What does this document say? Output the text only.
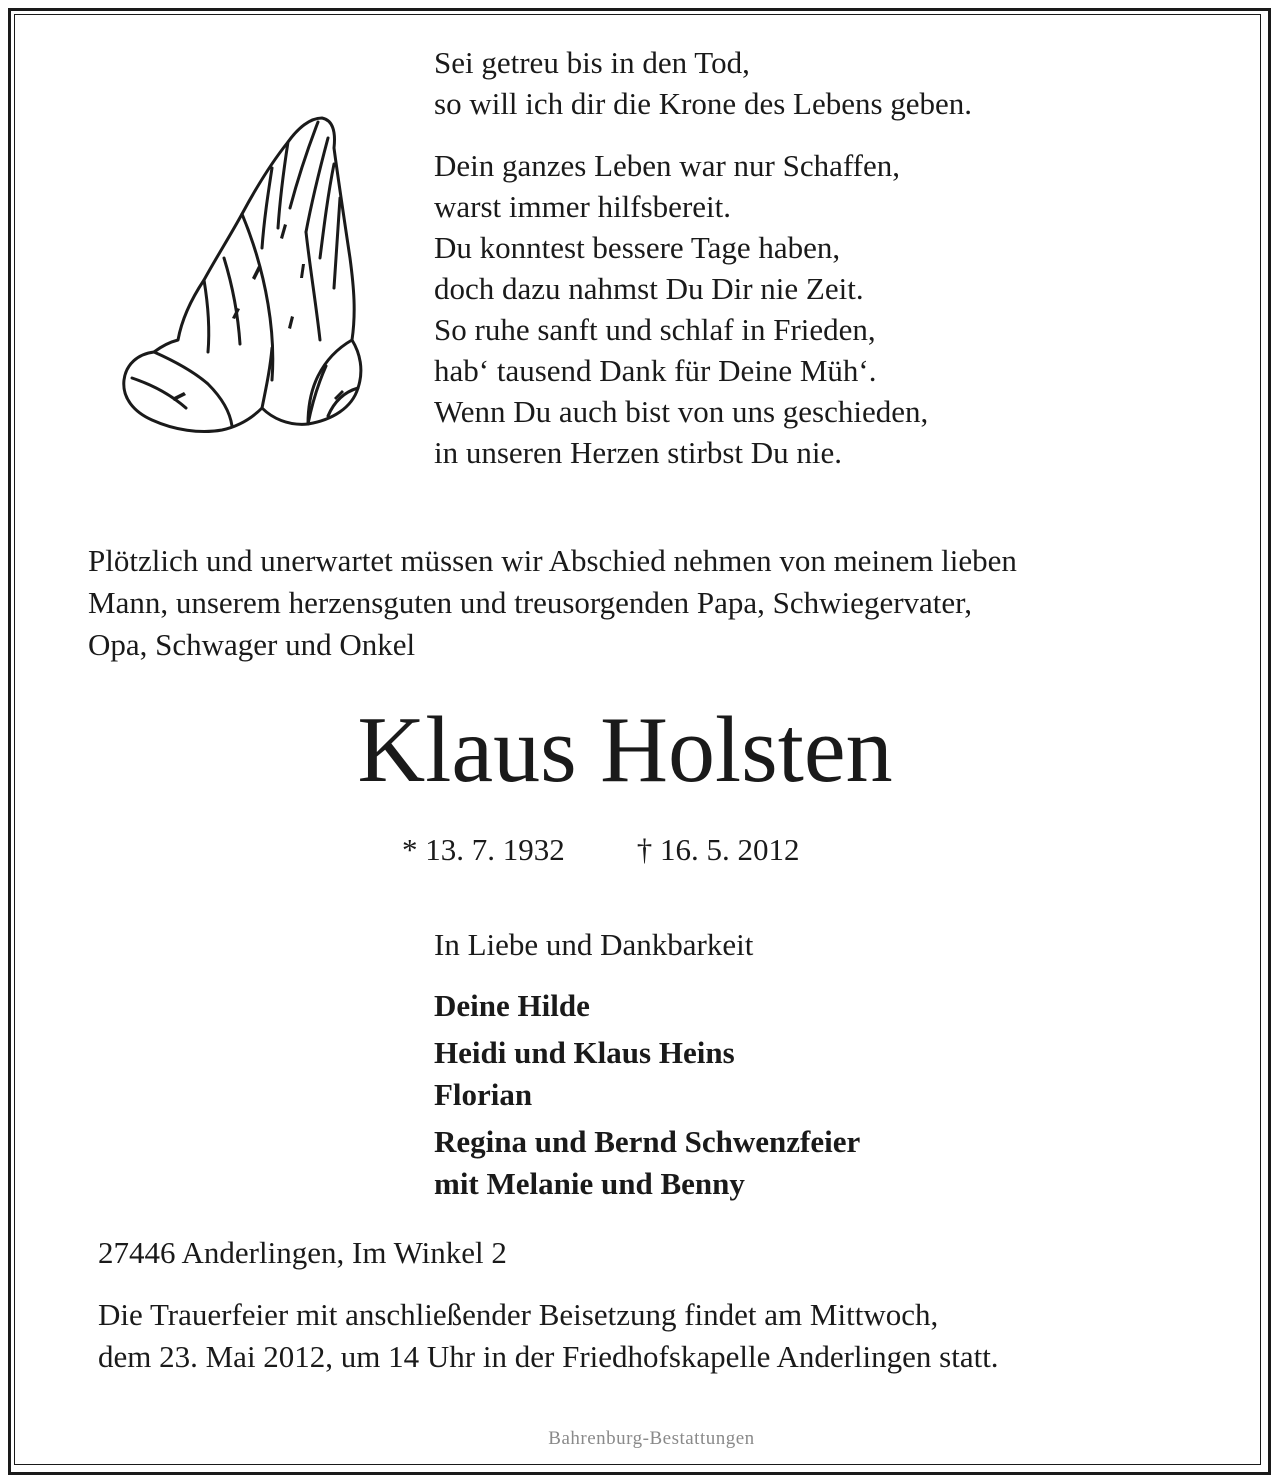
Sei getreu bis in den Tod,
so will ich dir die Krone des Lebens geben.
Dein ganzes Leben war nur Schaffen,
warst immer hilfsbereit.
Du konntest bessere Tage haben,
doch dazu nahmst Du Dir nie Zeit.
So ruhe sanft und schlaf in Frieden,
hab‘ tausend Dank für Deine Müh‘.
Wenn Du auch bist von uns geschieden,
in unseren Herzen stirbst Du nie.
Plötzlich und unerwartet müssen wir Abschied nehmen von meinem lieben
Mann, unserem herzensguten und treusorgenden Papa, Schwiegervater,
Opa, Schwager und Onkel
Klaus Holsten
* 13. 7. 1932 † 16. 5. 2012
In Liebe und Dankbarkeit
Deine Hilde
Heidi und Klaus Heins
Florian
Regina und Bernd Schwenzfeier
mit Melanie und Benny
27446 Anderlingen, Im Winkel 2
Die Trauerfeier mit anschließender Beisetzung findet am Mittwoch,
dem 23. Mai 2012, um 14 Uhr in der Friedhofskapelle Anderlingen statt.
Bahrenburg-Bestattungen
